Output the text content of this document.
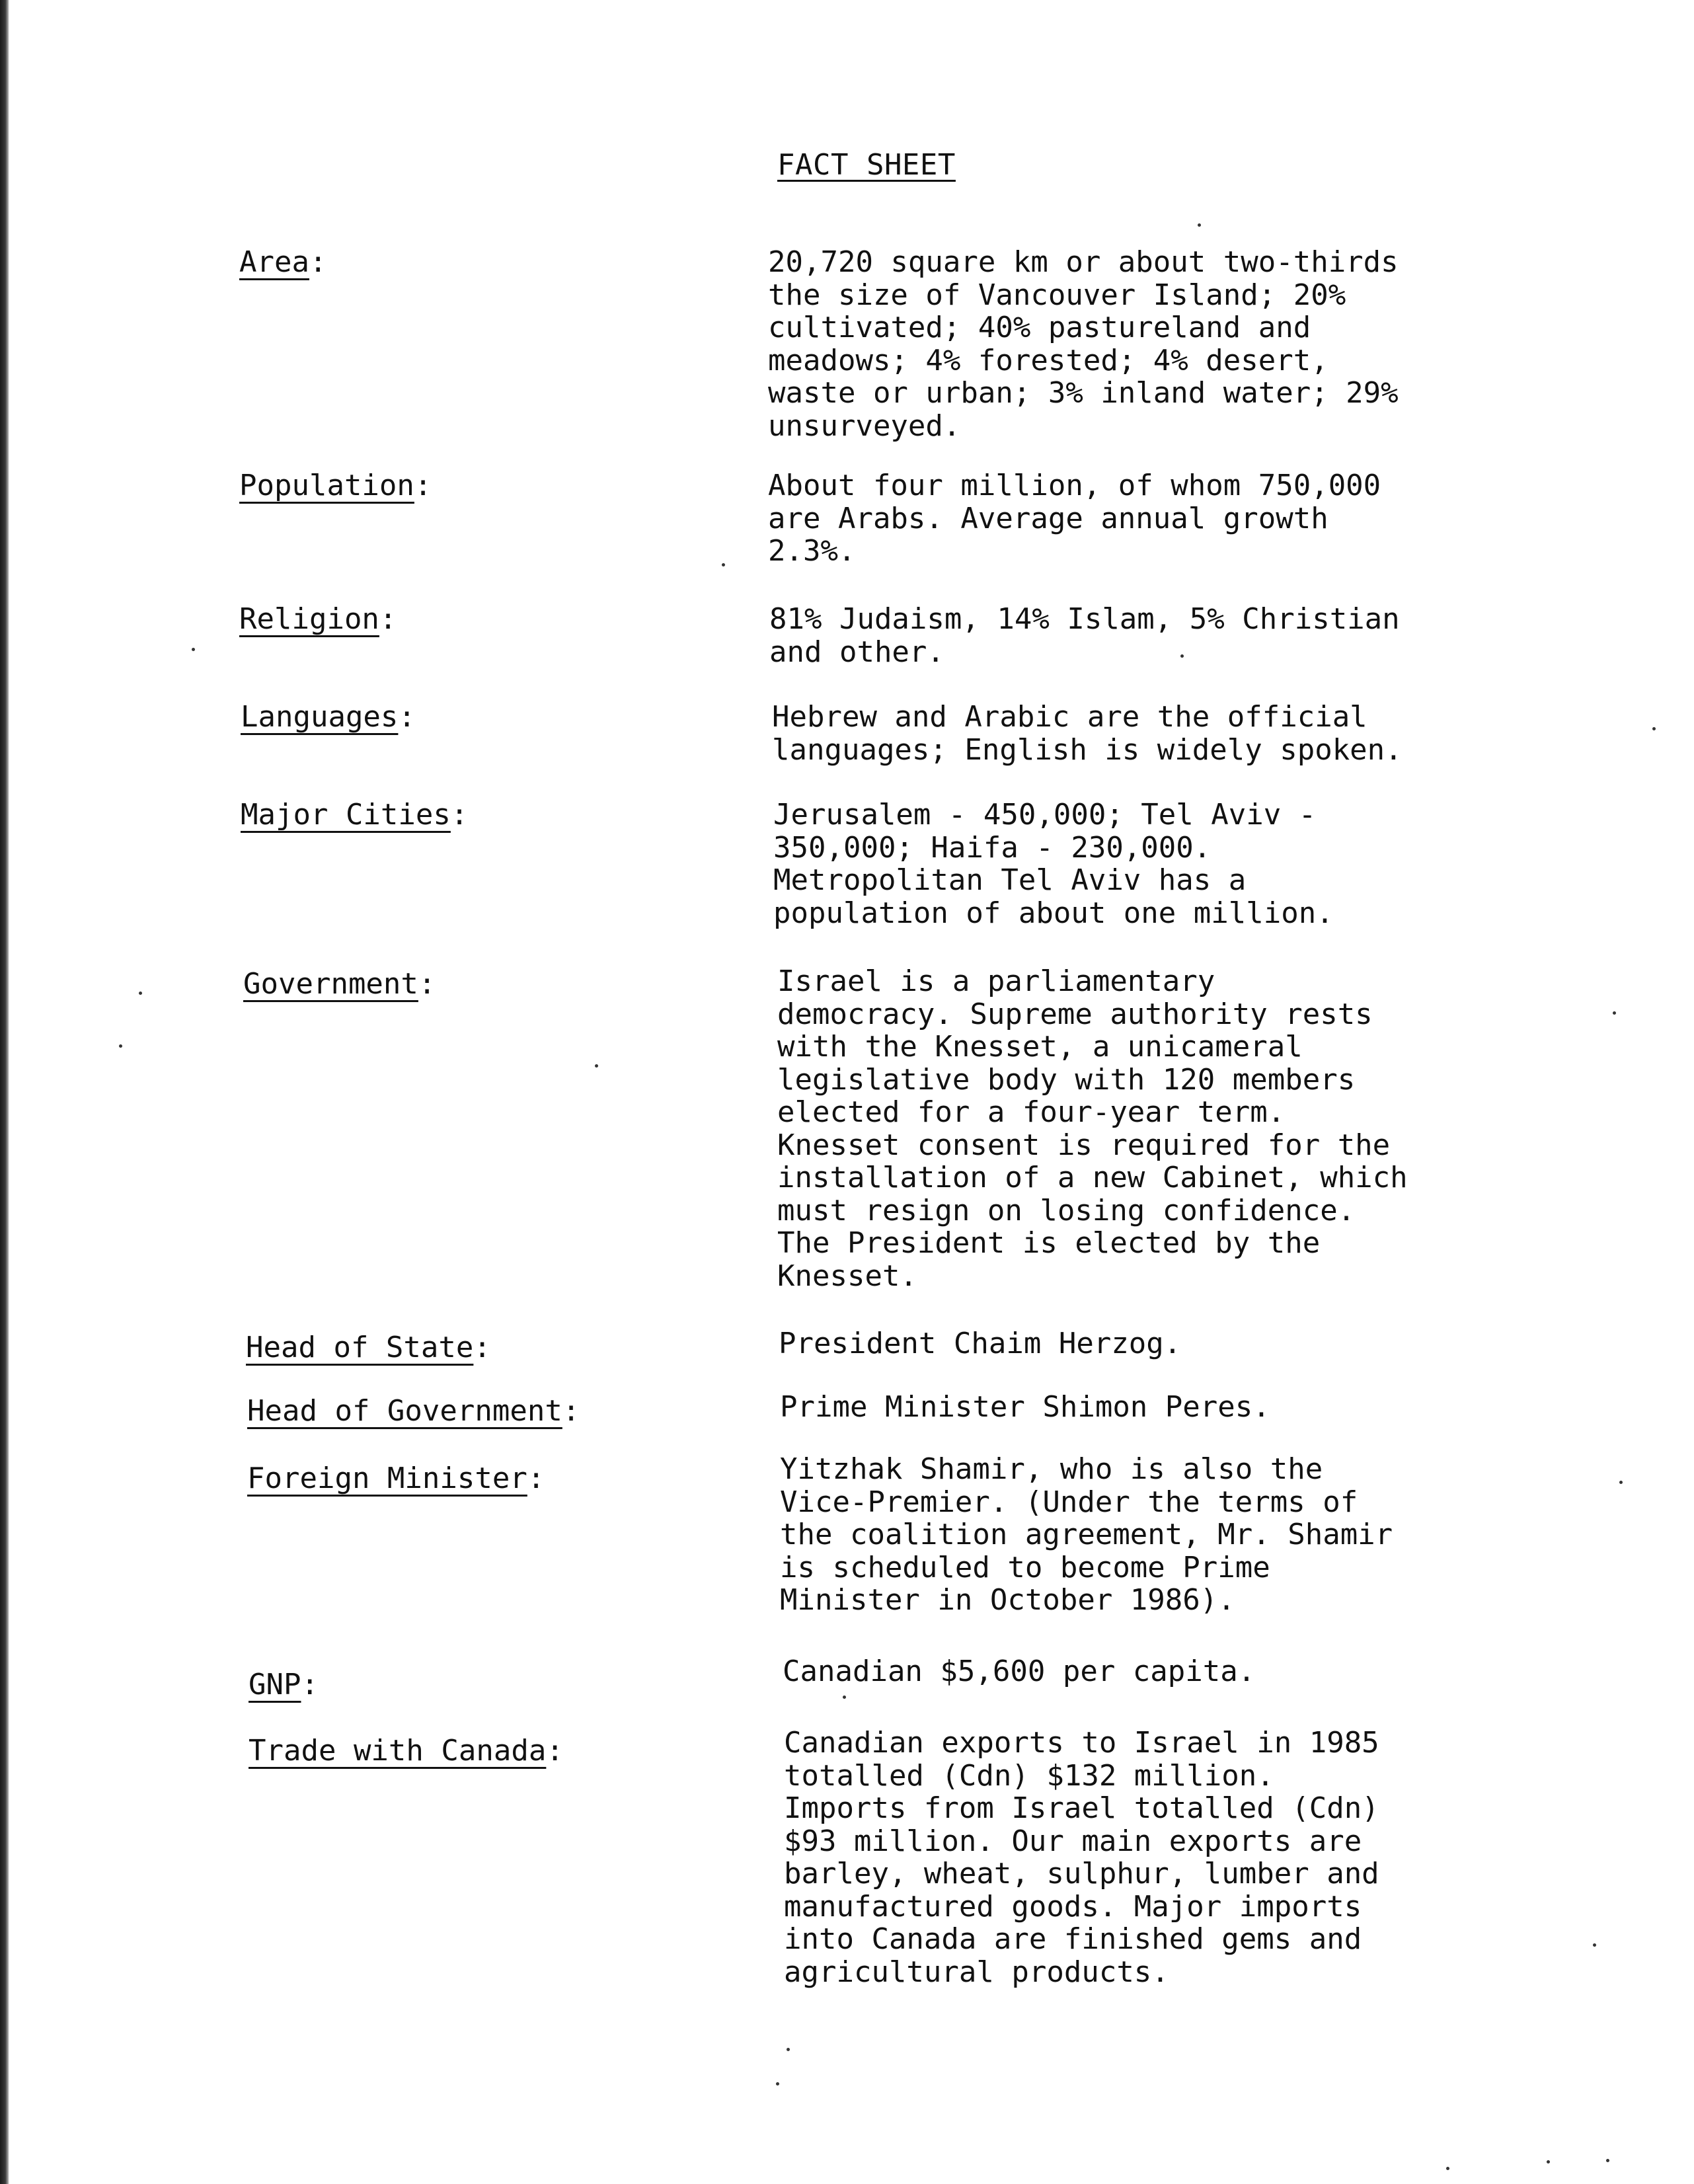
FACT SHEET
Area:	20,720 square km or about two-thirds
the size of Vancouver Island; 20%
cultivated; 40% pastureland and
meadows; 4% forested; 4% desert,
waste or urban; 3% inland water; 29%
unsurveyed.
Population:	About four million, of whom 750,000
are Arabs. Average annual growth
2.3%.
Religion:	81% Judaism, 14% Islam, 5% Christian
and other.
Languages:	Hebrew and Arabic are the official
languages; English is widely spoken.
Major Cities:	Jerusalem - 450,000; Tel Aviv -
350,000; Haifa - 230,000.
Metropolitan Tel Aviv has a
population of about one million.
Government:	Israel is a parliamentary
democracy. Supreme authority rests
with the Knesset, a unicameral
legislative body with 120 members
elected for a four-year term.
Knesset consent is required for the
installation of a new Cabinet, which
must resign on losing confidence.
The President is elected by the
Knesset.
Head of State:	President Chaim Herzog.
Head of Government:	Prime Minister Shimon Peres.
Foreign Minister:	Yitzhak Shamir, who is also the
Vice-Premier. (Under the terms of
the coalition agreement, Mr. Shamir
is scheduled to become Prime
Minister in October 1986).
GNP:	Canadian $5,600 per capita.
Trade with Canada:	Canadian exports to Israel in 1985
totalled (Cdn) $132 million.
Imports from Israel totalled (Cdn)
$93 million. Our main exports are
barley, wheat, sulphur, lumber and
manufactured goods. Major imports
into Canada are finished gems and
agricultural products.
